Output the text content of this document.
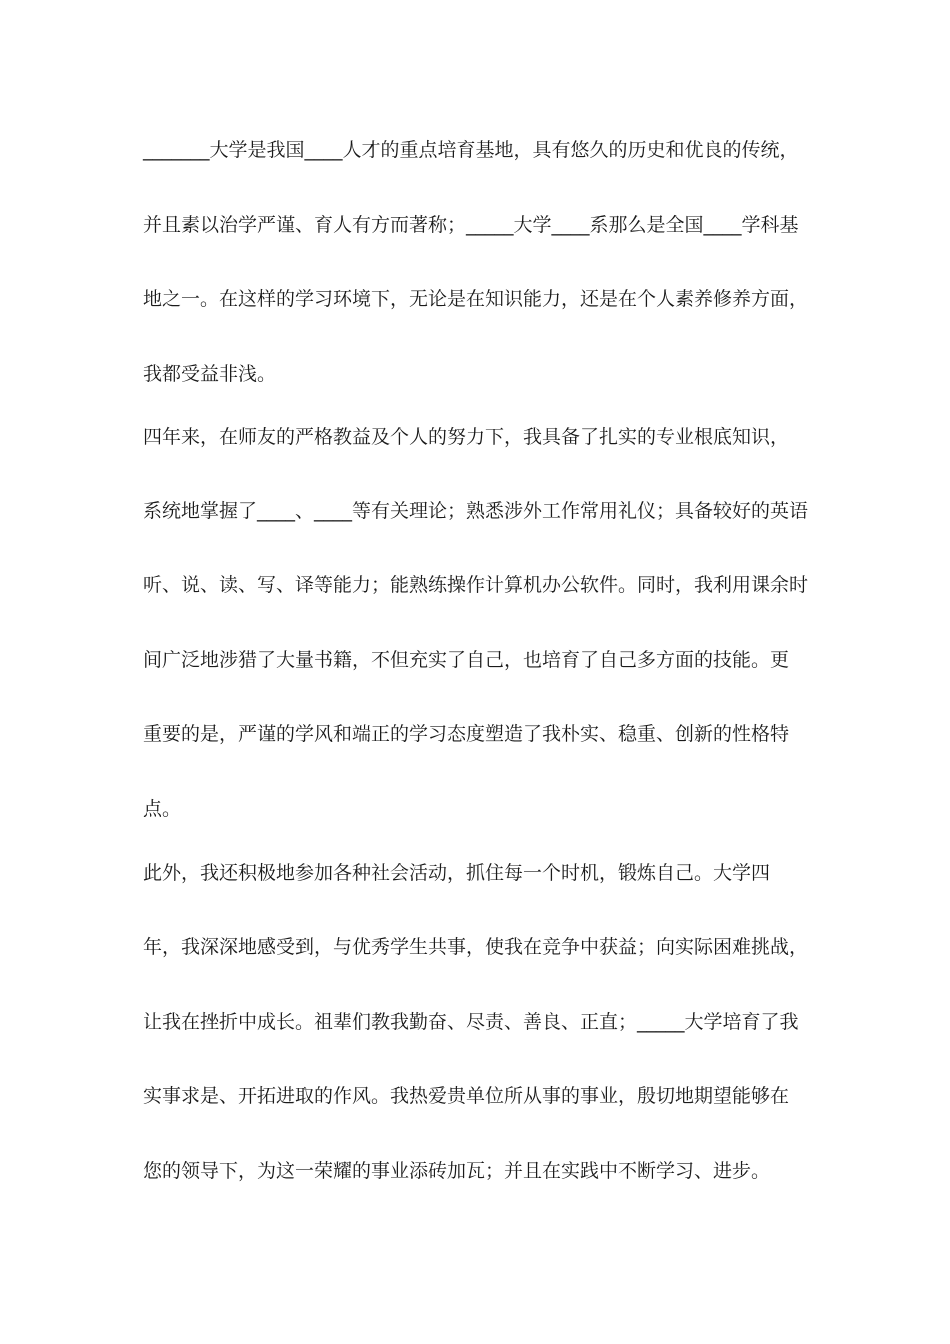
_______大学是我国____人才的重点培育基地，具有悠久的历史和优良的传统，
并且素以治学严谨、育人有方而著称；_____大学____系那么是全国____学科基
地之一。在这样的学习环境下，无论是在知识能力，还是在个人素养修养方面，
我都受益非浅。
四年来，在师友的严格教益及个人的努力下，我具备了扎实的专业根底知识，
系统地掌握了____、____等有关理论；熟悉涉外工作常用礼仪；具备较好的英语
听、说、读、写、译等能力；能熟练操作计算机办公软件。同时，我利用课余时
间广泛地涉猎了大量书籍，不但充实了自己，也培育了自己多方面的技能。更
重要的是，严谨的学风和端正的学习态度塑造了我朴实、稳重、创新的性格特
点。
此外，我还积极地参加各种社会活动，抓住每一个时机，锻炼自己。大学四
年，我深深地感受到，与优秀学生共事，使我在竞争中获益；向实际困难挑战，
让我在挫折中成长。祖辈们教我勤奋、尽责、善良、正直；_____大学培育了我
实事求是、开拓进取的作风。我热爱贵单位所从事的事业，殷切地期望能够在
您的领导下，为这一荣耀的事业添砖加瓦；并且在实践中不断学习、进步。
